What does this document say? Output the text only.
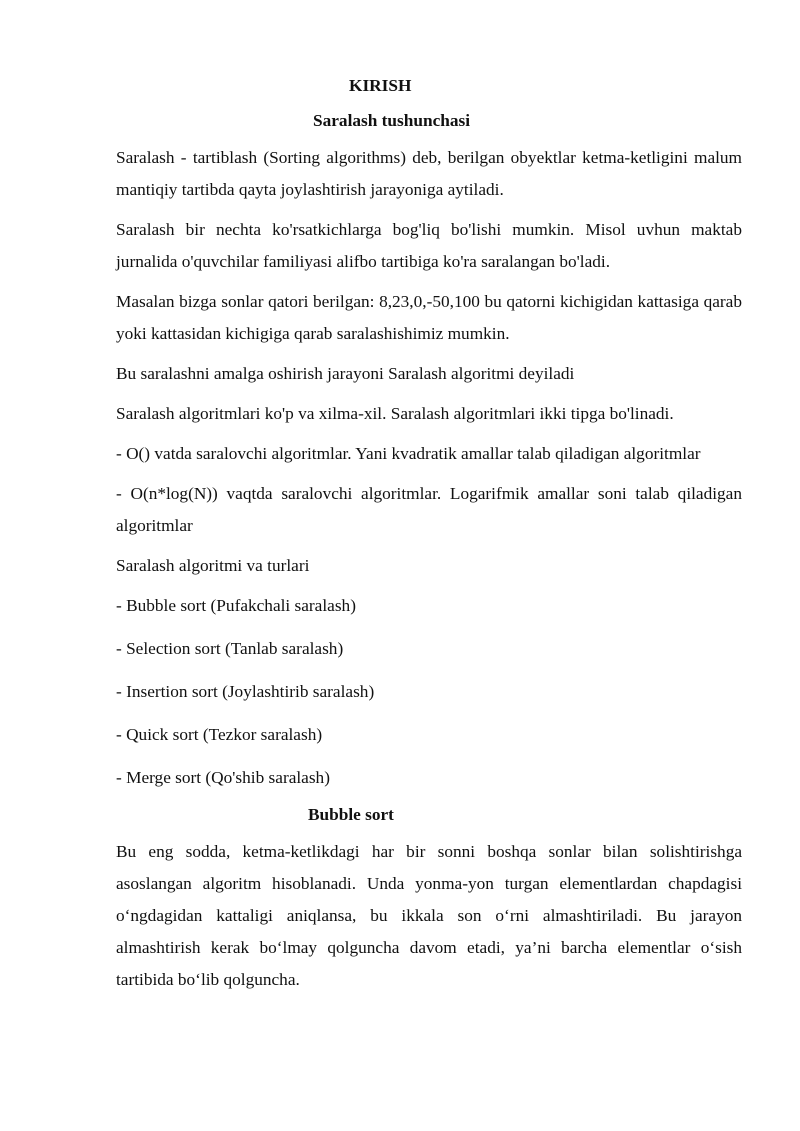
KIRISH
Saralash tushunchasi

Saralash - tartiblash (Sorting algorithms) deb, berilgan obyektlar ketma-ketligini malum mantiqiy tartibda qayta joylashtirish jarayoniga aytiladi.

Saralash bir nechta ko'rsatkichlarga bog'liq bo'lishi mumkin. Misol uvhun maktab jurnalida o'quvchilar familiyasi alifbo tartibiga ko'ra saralangan bo'ladi.

Masalan bizga sonlar qatori berilgan: 8,23,0,-50,100 bu qatorni kichigidan kattasiga qarab yoki kattasidan kichigiga qarab saralashishimiz mumkin.

Bu saralashni amalga oshirish jarayoni Saralash algoritmi deyiladi

Saralash algoritmlari ko'p va xilma-xil. Saralash algoritmlari ikki tipga bo'linadi.

- O() vatda saralovchi algoritmlar. Yani kvadratik amallar talab qiladigan algoritmlar

- O(n*log(N)) vaqtda saralovchi algoritmlar. Logarifmik amallar soni talab qiladigan algoritmlar

Saralash algoritmi va turlari

- Bubble sort (Pufakchali saralash)
- Selection sort (Tanlab saralash)
- Insertion sort (Joylashtirib saralash)
- Quick sort (Tezkor saralash)
- Merge sort (Qo'shib saralash)
Bubble sort

Bu eng sodda, ketma-ketlikdagi har bir sonni boshqa sonlar bilan solishtirishga asoslangan algoritm hisoblanadi. Unda yonma-yon turgan elementlardan chapdagisi o‘ngdagidan kattaligi aniqlansa, bu ikkala son o‘rni almashtiriladi. Bu jarayon almashtirish kerak bo‘lmay qolguncha davom etadi, ya’ni barcha elementlar o‘sish tartibida bo‘lib qolguncha.
